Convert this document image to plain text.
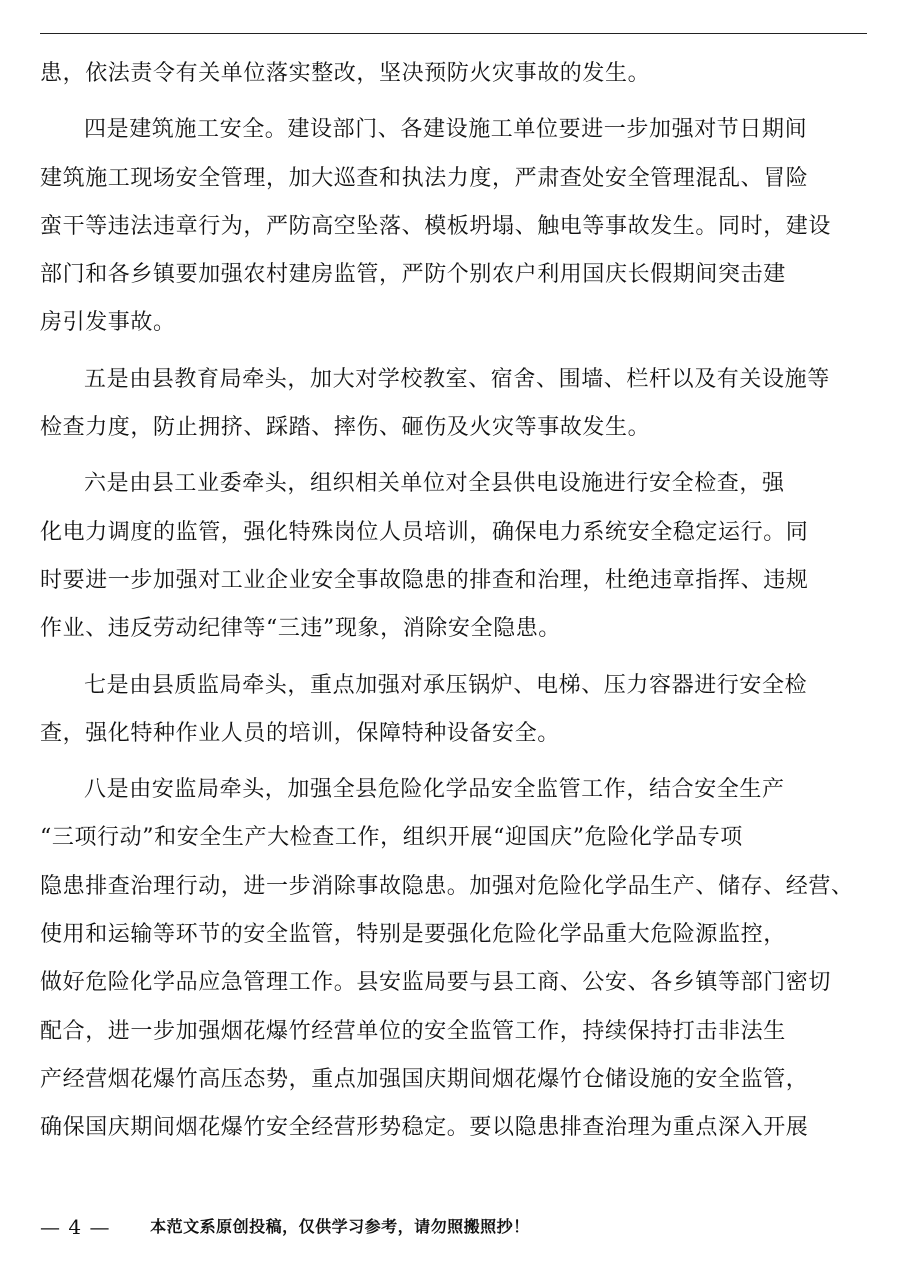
患，依法责令有关单位落实整改，坚决预防火灾事故的发生。
四是建筑施工安全。建设部门、各建设施工单位要进一步加强对节日期间
建筑施工现场安全管理，加大巡查和执法力度，严肃查处安全管理混乱、冒险
蛮干等违法违章行为，严防高空坠落、模板坍塌、触电等事故发生。同时，建设
部门和各乡镇要加强农村建房监管，严防个别农户利用国庆长假期间突击建
房引发事故。
五是由县教育局牵头，加大对学校教室、宿舍、围墙、栏杆以及有关设施等
检查力度，防止拥挤、踩踏、摔伤、砸伤及火灾等事故发生。
六是由县工业委牵头，组织相关单位对全县供电设施进行安全检查，强
化电力调度的监管，强化特殊岗位人员培训，确保电力系统安全稳定运行。同
时要进一步加强对工业企业安全事故隐患的排查和治理，杜绝违章指挥、违规
作业、违反劳动纪律等“三违”现象，消除安全隐患。
七是由县质监局牵头，重点加强对承压锅炉、电梯、压力容器进行安全检
查，强化特种作业人员的培训，保障特种设备安全。
八是由安监局牵头，加强全县危险化学品安全监管工作，结合安全生产
“三项行动”和安全生产大检查工作，组织开展“迎国庆”危险化学品专项
隐患排查治理行动，进一步消除事故隐患。加强对危险化学品生产、储存、经营、
使用和运输等环节的安全监管，特别是要强化危险化学品重大危险源监控，
做好危险化学品应急管理工作。县安监局要与县工商、公安、各乡镇等部门密切
配合，进一步加强烟花爆竹经营单位的安全监管工作，持续保持打击非法生
产经营烟花爆竹高压态势，重点加强国庆期间烟花爆竹仓储设施的安全监管，
确保国庆期间烟花爆竹安全经营形势稳定。要以隐患排查治理为重点深入开展
— 4 — 本范文系原创投稿，仅供学习参考，请勿照搬照抄！
